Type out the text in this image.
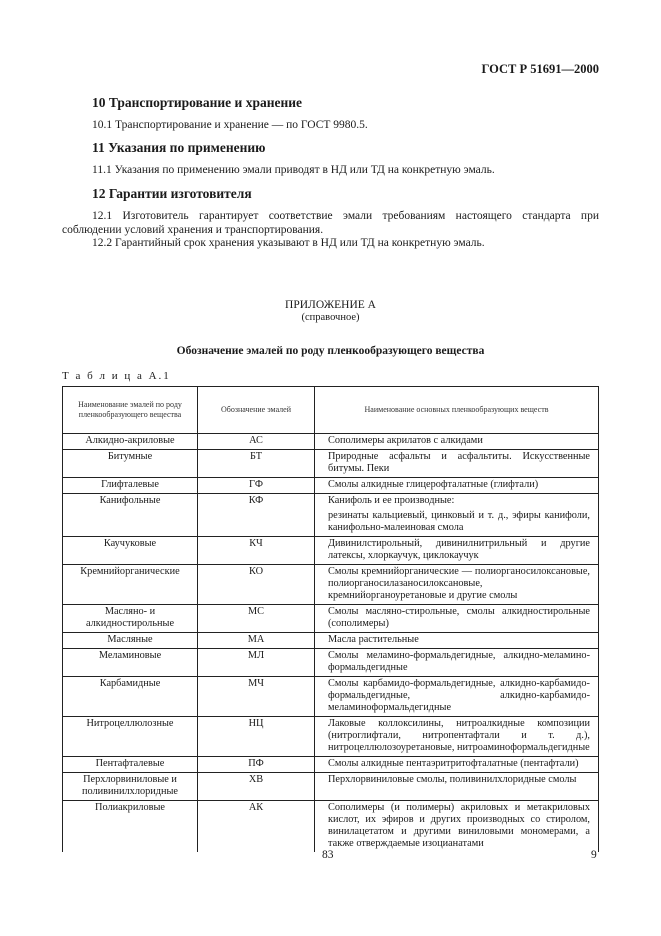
ГОСТ Р 51691—2000
10 Транспортирование и хранение
10.1 Транспортирование и хранение — по ГОСТ 9980.5.
11 Указания по применению
11.1 Указания по применению эмали приводят в НД или ТД на конкретную эмаль.
12 Гарантии изготовителя
12.1 Изготовитель гарантирует соответствие эмали требованиям настоящего стандарта при соблюдении условий хранения и транспортирования.
12.2 Гарантийный срок хранения указывают в НД или ТД на конкретную эмаль.
ПРИЛОЖЕНИЕ А
(справочное)
Обозначение эмалей по роду пленкообразующего вещества
Т а б л и ц а А.1
Наименование эмалей по роду пленкообразующего вещества	Обозначение эмалей	Наименование основных пленкообразующих веществ
Алкидно-акриловые	АС	Сополимеры акрилатов с алкидами
Битумные	БТ	Природные асфальты и асфальтиты. Искусственные битумы. Пеки
Глифталевые	ГФ	Смолы алкидные глицерофталатные (глифтали)
Канифольные	КФ	Канифоль и ее производные:
резинаты кальциевый, цинковый и т. д., эфиры канифоли, канифольно-малеиновая смола

Каучуковые	КЧ	Дивинилстирольный, дивинилнитрильный и другие латексы, хлоркаучук, циклокаучук
Кремнийорганические	КО	Смолы кремнийорганические — полиорганосилоксановые, полиорганосилазаносилоксановые, кремнийорганоуретановые и другие смолы
Масляно- и алкидностирольные	МС	Смолы масляно-стирольные, смолы алкидностирольные (сополимеры)
Масляные	МА	Масла растительные
Меламиновые	МЛ	Смолы меламино-формальдегидные, алкидно-меламино-формальдегидные
Карбамидные	МЧ	Смолы карбамидо-формальдегидные, алкидно-карбамидо-формальдегидные, алкидно-карбамидо-меламиноформальдегидные
Нитроцеллюлозные	НЦ	Лаковые коллоксилины, нитроалкидные композиции (нитроглифтали, нитропентафтали и т. д.), нитроцеллюлозоуретановые, нитроаминоформальдегидные
Пентафталевые	ПФ	Смолы алкидные пентаэритритофталатные (пентафтали)
Перхлорвиниловые и поливинилхлоридные	ХВ	Перхлорвиниловые смолы, поливинилхлоридные смолы
Полиакриловые	АК	Сополимеры (и полимеры) акриловых и метакриловых кислот, их эфиров и других производных со стиролом, винилацетатом и другими виниловыми мономерами, а также отверждаемые изоцианатами
83	9
